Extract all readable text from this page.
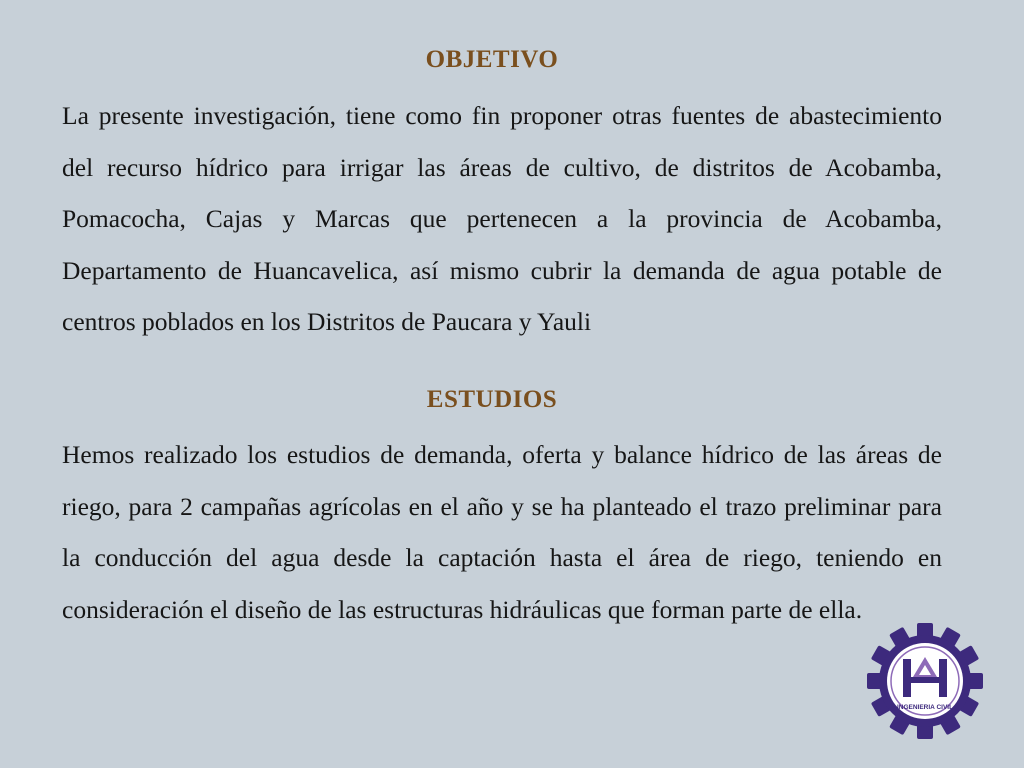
OBJETIVO

La presente investigación, tiene como fin proponer otras fuentes de abastecimiento del recurso hídrico para irrigar las áreas de cultivo, de distritos de Acobamba, Pomacocha, Cajas y Marcas que pertenecen a la provincia de Acobamba, Departamento de Huancavelica, así mismo cubrir la demanda de agua potable de centros poblados en los Distritos de Paucara y Yauli

ESTUDIOS

Hemos realizado los estudios de demanda, oferta y balance hídrico de las áreas de riego, para 2 campañas agrícolas en el año y se ha planteado el trazo preliminar para la conducción del agua desde la captación hasta el área de riego, teniendo en consideración el diseño de las estructuras hidráulicas que forman parte de ella.

INGENIERIA CIVIL
